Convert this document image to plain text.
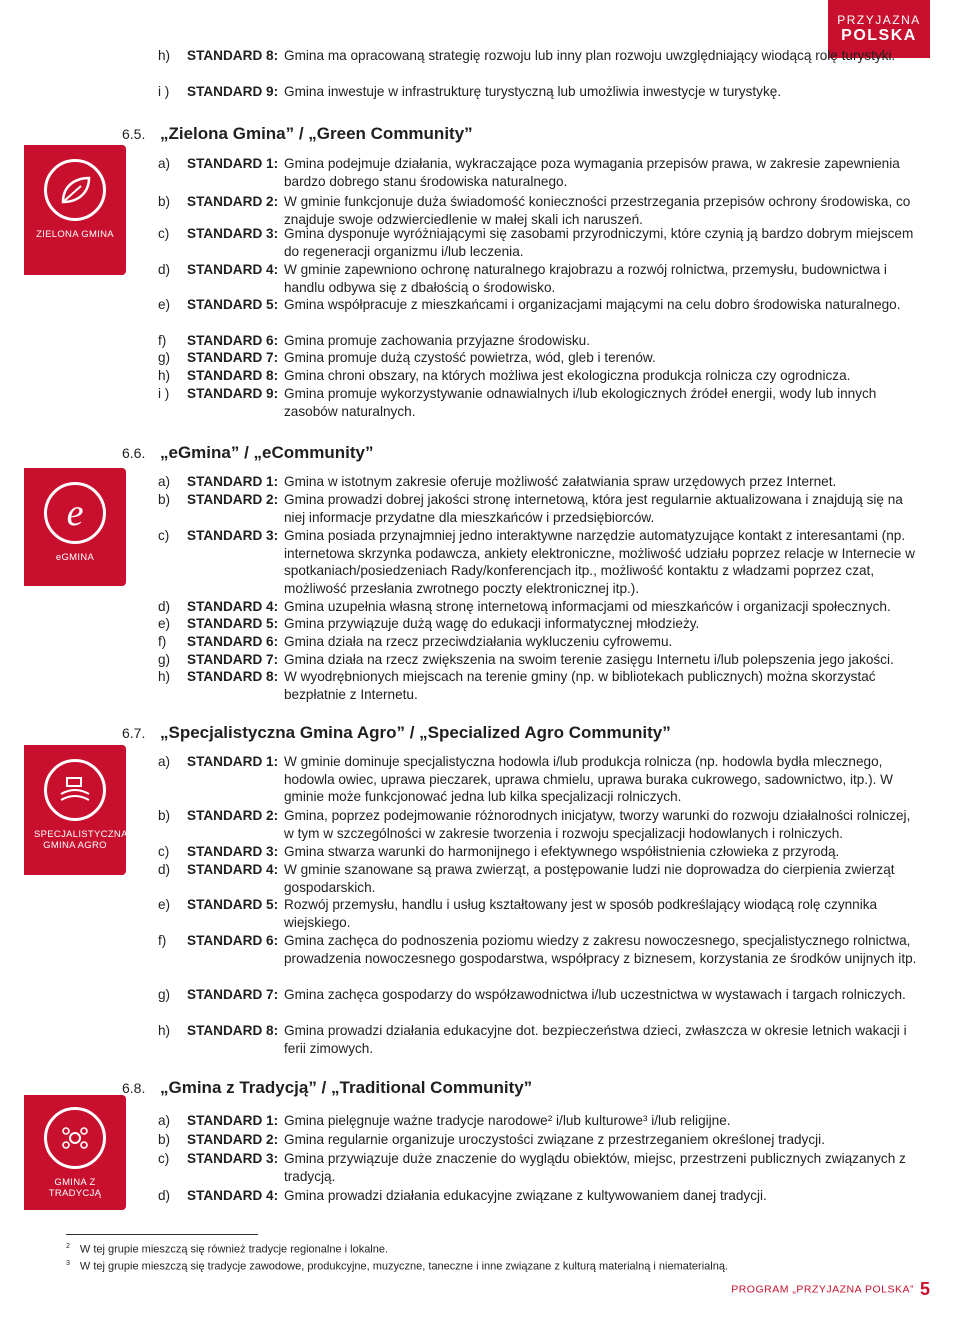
PRZYJAZNA
POLSKA
ZIELONA GMINA
e
eGMINA
SPECJALISTYCZNA GMINA AGRO
GMINA Z TRADYCJĄ
h) STANDARD 8: Gmina ma opracowaną strategię rozwoju lub inny plan rozwoju uwzględniający wiodącą rolę turystyki.
i ) STANDARD 9: Gmina inwestuje w infrastrukturę turystyczną lub umożliwia inwestycje w turystykę.
6.5. „Zielona Gmina” / „Green Community”
a) STANDARD 1: Gmina podejmuje działania, wykraczające poza wymagania przepisów prawa, w zakresie zapewnienia bardzo dobrego stanu środowiska naturalnego.
b) STANDARD 2: W gminie funkcjonuje duża świadomość konieczności przestrzegania przepisów ochrony środowiska, co znajduje swoje odzwierciedlenie w małej skali ich naruszeń.
c) STANDARD 3: Gmina dysponuje wyróżniającymi się zasobami przyrodniczymi, które czynią ją bardzo dobrym miejscem do regeneracji organizmu i/lub leczenia.
d) STANDARD 4: W gminie zapewniono ochronę naturalnego krajobrazu a rozwój rolnictwa, przemysłu, budownictwa i handlu odbywa się z dbałością o środowisko.
e) STANDARD 5: Gmina współpracuje z mieszkańcami i organizacjami mającymi na celu dobro środowiska naturalnego.
f) STANDARD 6: Gmina promuje zachowania przyjazne środowisku.
g) STANDARD 7: Gmina promuje dużą czystość powietrza, wód, gleb i terenów.
h) STANDARD 8: Gmina chroni obszary, na których możliwa jest ekologiczna produkcja rolnicza czy ogrodnicza.
i ) STANDARD 9: Gmina promuje wykorzystywanie odnawialnych i/lub ekologicznych źródeł energii, wody lub innych zasobów naturalnych.
6.6. „eGmina” / „eCommunity”
a) STANDARD 1: Gmina w istotnym zakresie oferuje możliwość załatwiania spraw urzędowych przez Internet.
b) STANDARD 2: Gmina prowadzi dobrej jakości stronę internetową, która jest regularnie aktualizowana i znajdują się na niej informacje przydatne dla mieszkańców i przedsiębiorców.
c) STANDARD 3: Gmina posiada przynajmniej jedno interaktywne narzędzie automatyzujące kontakt z interesantami (np. internetowa skrzynka podawcza, ankiety elektroniczne, możliwość udziału poprzez relacje w Internecie w spotkaniach/posiedzeniach Rady/konferencjach itp., możliwość kontaktu z władzami poprzez czat, możliwość przesłania zwrotnego poczty elektronicznej itp.).
d) STANDARD 4: Gmina uzupełnia własną stronę internetową informacjami od mieszkańców i organizacji społecznych.
e) STANDARD 5: Gmina przywiązuje dużą wagę do edukacji informatycznej młodzieży.
f) STANDARD 6: Gmina działa na rzecz przeciwdziałania wykluczeniu cyfrowemu.
g) STANDARD 7: Gmina działa na rzecz zwiększenia na swoim terenie zasięgu Internetu i/lub polepszenia jego jakości.
h) STANDARD 8: W wyodrębnionych miejscach na terenie gminy (np. w bibliotekach publicznych) można skorzystać bezpłatnie z Internetu.
6.7. „Specjalistyczna Gmina Agro” / „Specialized Agro Community”
a) STANDARD 1: W gminie dominuje specjalistyczna hodowla i/lub produkcja rolnicza (np. hodowla bydła mlecznego, hodowla owiec, uprawa pieczarek, uprawa chmielu, uprawa buraka cukrowego, sadownictwo, itp.). W gminie może funkcjonować jedna lub kilka specjalizacji rolniczych.
b) STANDARD 2: Gmina, poprzez podejmowanie różnorodnych inicjatyw, tworzy warunki do rozwoju działalności rolniczej, w tym w szczególności w zakresie tworzenia i rozwoju specjalizacji hodowlanych i rolniczych.
c) STANDARD 3: Gmina stwarza warunki do harmonijnego i efektywnego współistnienia człowieka z przyrodą.
d) STANDARD 4: W gminie szanowane są prawa zwierząt, a postępowanie ludzi nie doprowadza do cierpienia zwierząt gospodarskich.
e) STANDARD 5: Rozwój przemysłu, handlu i usług kształtowany jest w sposób podkreślający wiodącą rolę czynnika wiejskiego.
f) STANDARD 6: Gmina zachęca do podnoszenia poziomu wiedzy z zakresu nowoczesnego, specjalistycznego rolnictwa, prowadzenia nowoczesnego gospodarstwa, współpracy z biznesem, korzystania ze środków unijnych itp.
g) STANDARD 7: Gmina zachęca gospodarzy do współzawodnictwa i/lub uczestnictwa w wystawach i targach rolniczych.
h) STANDARD 8: Gmina prowadzi działania edukacyjne dot. bezpieczeństwa dzieci, zwłaszcza w okresie letnich wakacji i ferii zimowych.
6.8. „Gmina z Tradycją” / „Traditional Community”
a) STANDARD 1: Gmina pielęgnuje ważne tradycje narodowe² i/lub kulturowe³ i/lub religijne.
b) STANDARD 2: Gmina regularnie organizuje uroczystości związane z przestrzeganiem określonej tradycji.
c) STANDARD 3: Gmina przywiązuje duże znaczenie do wyglądu obiektów, miejsc, przestrzeni publicznych związanych z tradycją.
d) STANDARD 4: Gmina prowadzi działania edukacyjne związane z kultywowaniem danej tradycji.
$^2$ W tej grupie mieszczą się również tradycje regionalne i lokalne.
$^3$ W tej grupie mieszczą się tradycje zawodowe, produkcyjne, muzyczne, taneczne i inne związane z kulturą materialną i niematerialną.
PROGRAM „PRZYJAZNA POLSKA” 5
